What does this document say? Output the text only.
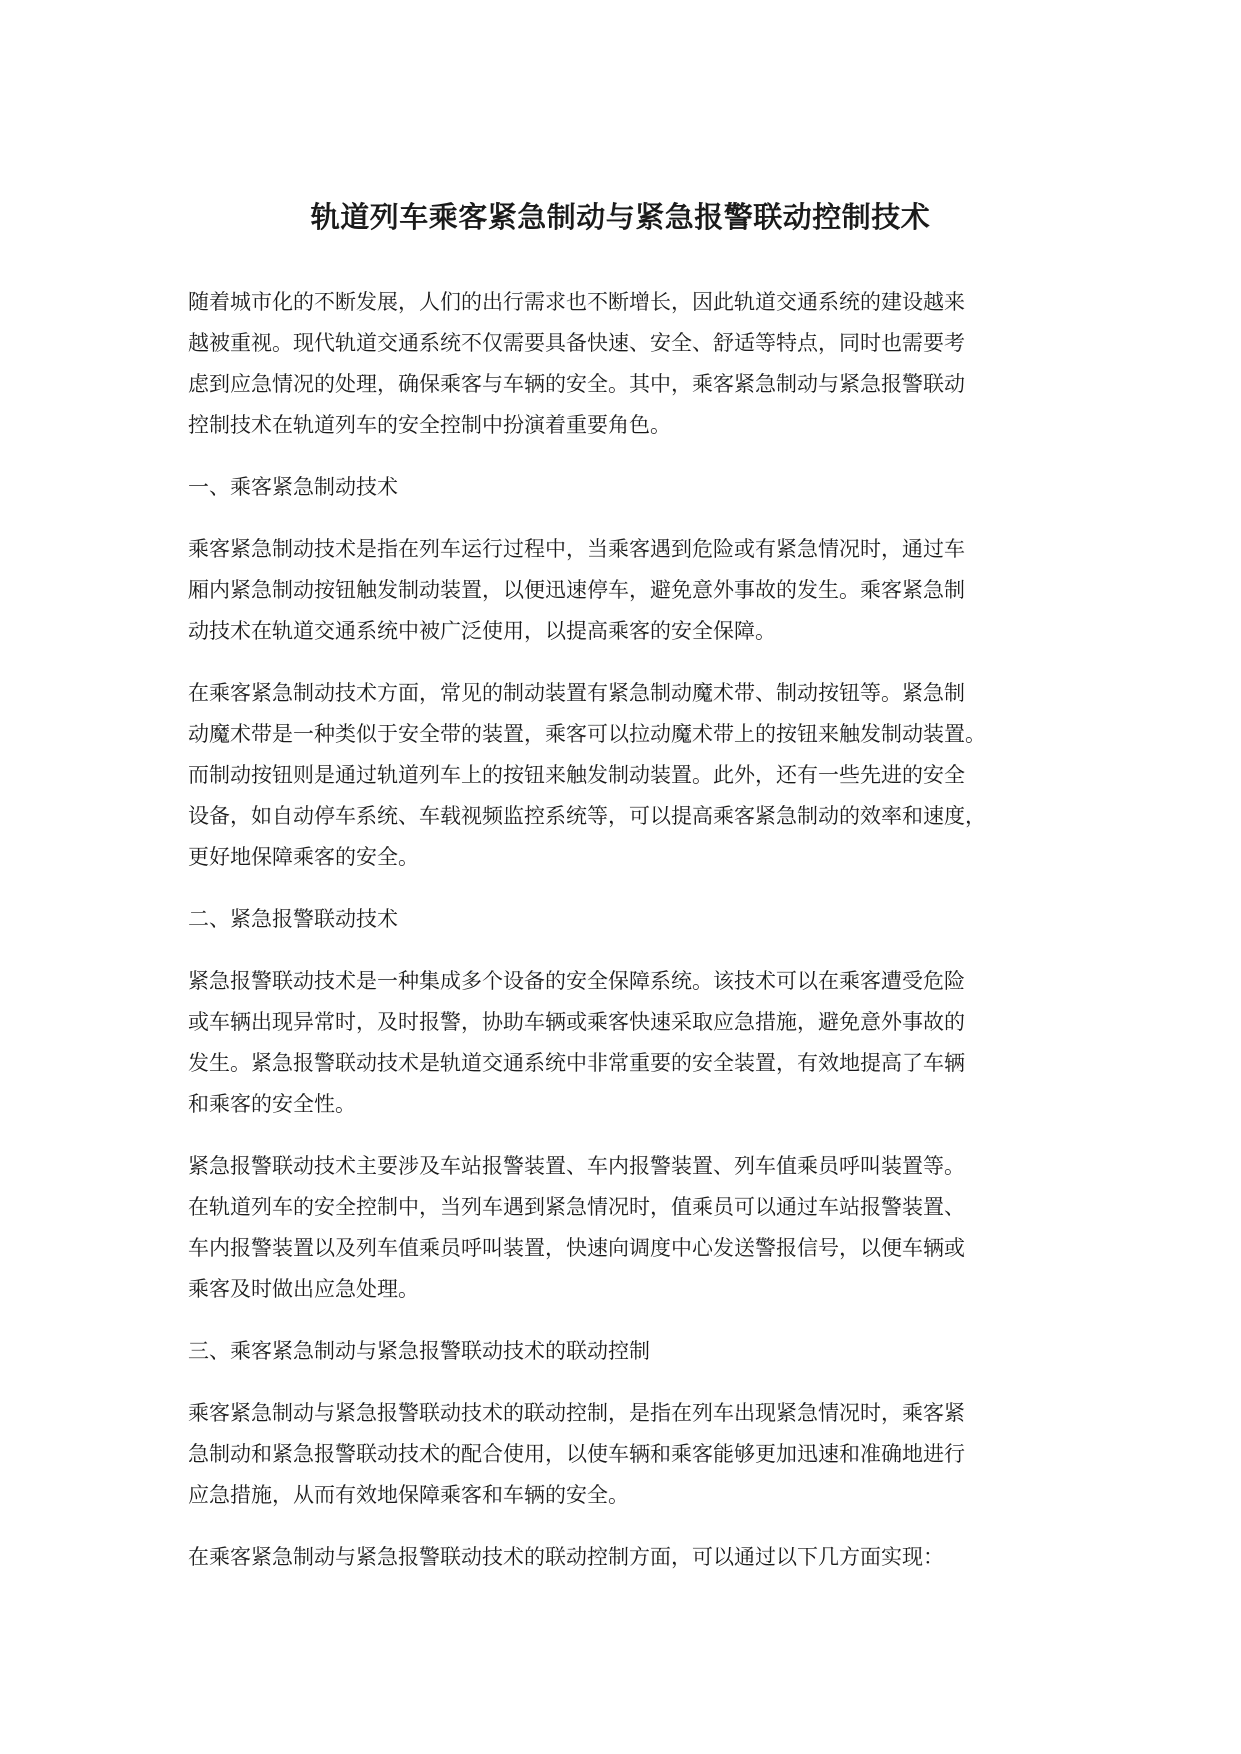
轨道列车乘客紧急制动与紧急报警联动控制技术

随着城市化的不断发展，人们的出行需求也不断增长，因此轨道交通系统的建设越来
越被重视。现代轨道交通系统不仅需要具备快速、安全、舒适等特点，同时也需要考
虑到应急情况的处理，确保乘客与车辆的安全。其中，乘客紧急制动与紧急报警联动
控制技术在轨道列车的安全控制中扮演着重要角色。

一、乘客紧急制动技术

乘客紧急制动技术是指在列车运行过程中，当乘客遇到危险或有紧急情况时，通过车
厢内紧急制动按钮触发制动装置，以便迅速停车，避免意外事故的发生。乘客紧急制
动技术在轨道交通系统中被广泛使用，以提高乘客的安全保障。

在乘客紧急制动技术方面，常见的制动装置有紧急制动魔术带、制动按钮等。紧急制
动魔术带是一种类似于安全带的装置，乘客可以拉动魔术带上的按钮来触发制动装置。
而制动按钮则是通过轨道列车上的按钮来触发制动装置。此外，还有一些先进的安全
设备，如自动停车系统、车载视频监控系统等，可以提高乘客紧急制动的效率和速度，
更好地保障乘客的安全。

二、紧急报警联动技术

紧急报警联动技术是一种集成多个设备的安全保障系统。该技术可以在乘客遭受危险
或车辆出现异常时，及时报警，协助车辆或乘客快速采取应急措施，避免意外事故的
发生。紧急报警联动技术是轨道交通系统中非常重要的安全装置，有效地提高了车辆
和乘客的安全性。

紧急报警联动技术主要涉及车站报警装置、车内报警装置、列车值乘员呼叫装置等。
在轨道列车的安全控制中，当列车遇到紧急情况时，值乘员可以通过车站报警装置、
车内报警装置以及列车值乘员呼叫装置，快速向调度中心发送警报信号，以便车辆或
乘客及时做出应急处理。

三、乘客紧急制动与紧急报警联动技术的联动控制

乘客紧急制动与紧急报警联动技术的联动控制，是指在列车出现紧急情况时，乘客紧
急制动和紧急报警联动技术的配合使用，以使车辆和乘客能够更加迅速和准确地进行
应急措施，从而有效地保障乘客和车辆的安全。

在乘客紧急制动与紧急报警联动技术的联动控制方面，可以通过以下几方面实现：
